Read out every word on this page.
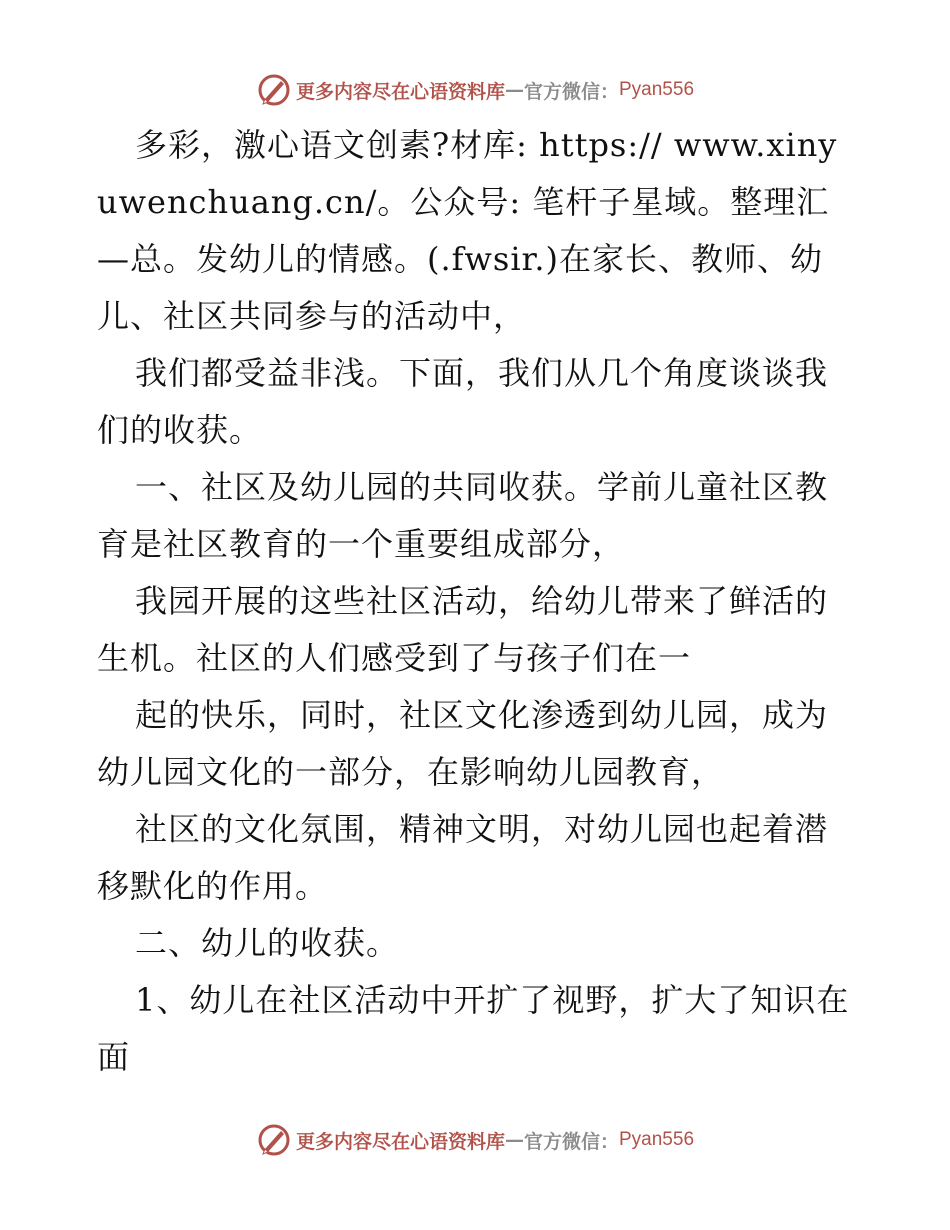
更多内容尽在心语资料库 — 官方微信： Pyan556

多彩，激心语文创素?材库: https:// www.xinyuwenchuang.cn/。公众号: 笔杆子星域。整理汇—总。发幼儿的情感。(.fwsir.)在家长、教师、幼儿、社区共同参与的活动中，

我们都受益非浅。下面，我们从几个角度谈谈我们的收获。

一、社区及幼儿园的共同收获。学前儿童社区教育是社区教育的一个重要组成部分，

我园开展的这些社区活动，给幼儿带来了鲜活的生机。社区的人们感受到了与孩子们在一

起的快乐，同时，社区文化渗透到幼儿园，成为幼儿园文化的一部分，在影响幼儿园教育，

社区的文化氛围，精神文明，对幼儿园也起着潜移默化的作用。

二、幼儿的收获。

1、幼儿在社区活动中开扩了视野，扩大了知识在面

更多内容尽在心语资料库 — 官方微信： Pyan556
